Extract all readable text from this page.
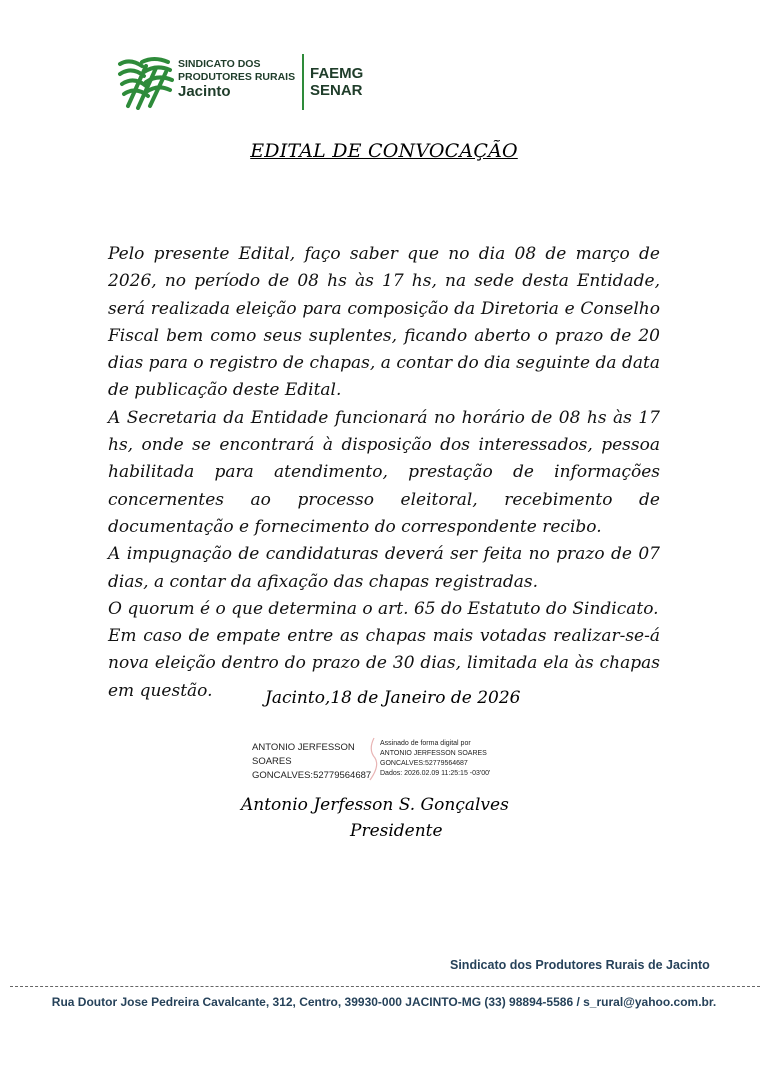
SINDICATO DOS
PRODUTORES RURAIS
Jacinto
FAEMG
SENAR
EDITAL DE CONVOCAÇÃO

Pelo presente Edital, faço saber que no dia 08 de março de 2026, no período de 08 hs às 17 hs, na sede desta Entidade, será realizada eleição para composição da Diretoria e Conselho Fiscal bem como seus suplentes, ficando aberto o prazo de 20 dias para o registro de chapas, a contar do dia seguinte da data de publicação deste Edital.

A Secretaria da Entidade funcionará no horário de 08 hs às 17 hs, onde se encontrará à disposição dos interessados, pessoa habilitada para atendimento, prestação de informações concernentes ao processo eleitoral, recebimento de documentação e fornecimento do correspondente recibo.

A impugnação de candidaturas deverá ser feita no prazo de 07 dias, a contar da afixação das chapas registradas.

O quorum é o que determina o art. 65 do Estatuto do Sindicato.

Em caso de empate entre as chapas mais votadas realizar-se-á nova eleição dentro do prazo de 30 dias, limitada ela às chapas em questão.	Jacinto,18 de Janeiro de 2026
ANTONIO JERFESSON
SOARES
GONCALVES:52779564687
Assinado de forma digital por
ANTONIO JERFESSON SOARES
GONCALVES:52779564687
Dados: 2026.02.09 11:25:15 -03'00'
Antonio Jerfesson S. Gonçalves
Presidente
Sindicato dos Produtores Rurais de Jacinto
Rua Doutor Jose Pedreira Cavalcante, 312, Centro, 39930-000 JACINTO-MG (33) 98894-5586 / s_rural@yahoo.com.br.
